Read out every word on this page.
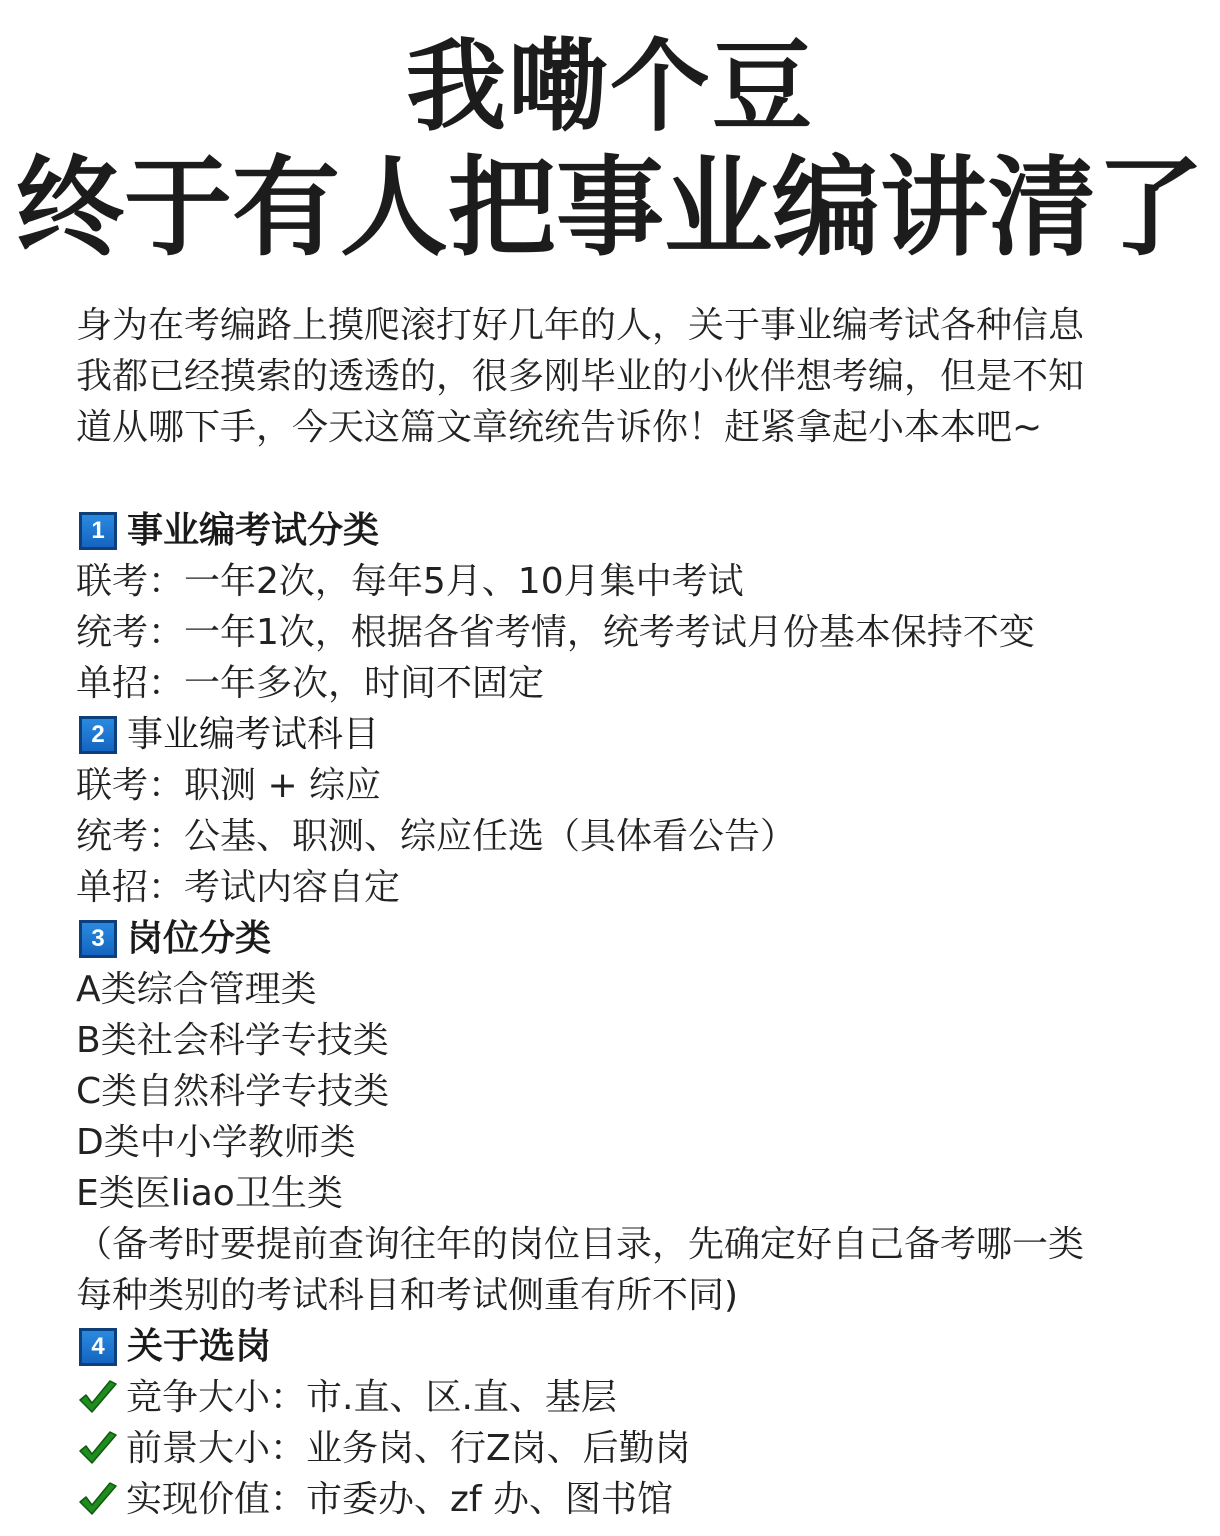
我嘞个豆
终于有人把事业编讲清了
身为在考编路上摸爬滚打好几年的人，关于事业编考试各种信息
我都已经摸索的透透的，很多刚毕业的小伙伴想考编，但是不知
道从哪下手，今天这篇文章统统告诉你！赶紧拿起小本本吧~
1 事业编考试分类
联考：一年2次，每年5月、10月集中考试
统考：一年1次，根据各省考情，统考考试月份基本保持不变
单招：一年多次，时间不固定
2 事业编考试科目
联考：职测 + 综应
统考：公基、职测、综应任选（具体看公告）
单招：考试内容自定
3 岗位分类
A类综合管理类
B类社会科学专技类
C类自然科学专技类
D类中小学教师类
E类医liao卫生类
（备考时要提前查询往年的岗位目录，先确定好自己备考哪一类
每种类别的考试科目和考试侧重有所不同)
4 关于选岗
竞争大小：市.直、区.直、基层
前景大小：业务岗、行Z岗、后勤岗
实现价值：市委办、zf 办、图书馆
